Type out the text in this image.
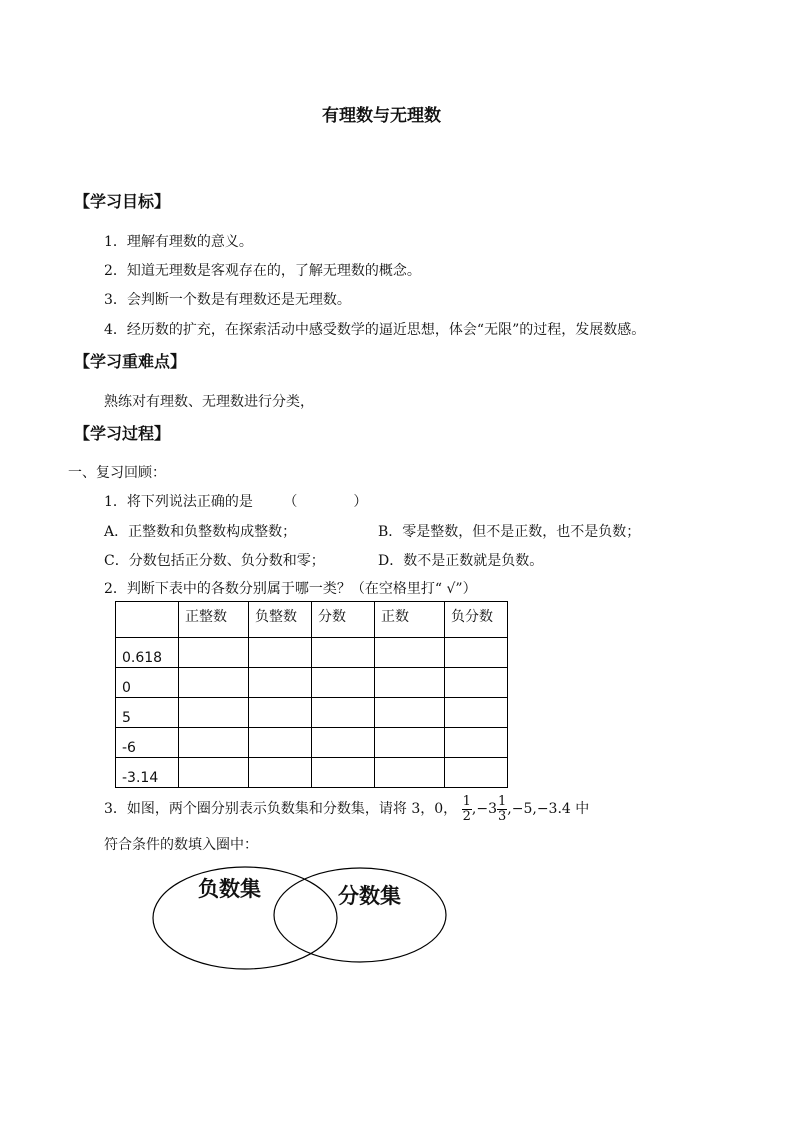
有理数与无理数
【学习目标】
1．理解有理数的意义。
2．知道无理数是客观存在的，了解无理数的概念。
3．会判断一个数是有理数还是无理数。
4．经历数的扩充，在探索活动中感受数学的逼近思想，体会“无限”的过程，发展数感。
【学习重难点】
熟练对有理数、无理数进行分类，
【学习过程】
一、复习回顾：
1．将下列说法正确的是 （　　　　）
A．正整数和负整数构成整数；	B．零是整数，但不是正数，也不是负数；
C．分数包括正分数、负分数和零；	D．数不是正数就是负数。
2．判断下表中的各数分别属于哪一类？（在空格里打“ √”）
	正整数	负整数	分数	正数	负分数
0.618					
0					
5					
-6					
-3.14					
3．如图，两个圈分别表示负数集和分数集，请将 3，0， $\frac{1}{2} ,-3 \frac{1}{3} ,-5,-3.4$ 中
符合条件的数填入圈中：
负数集	分数集
